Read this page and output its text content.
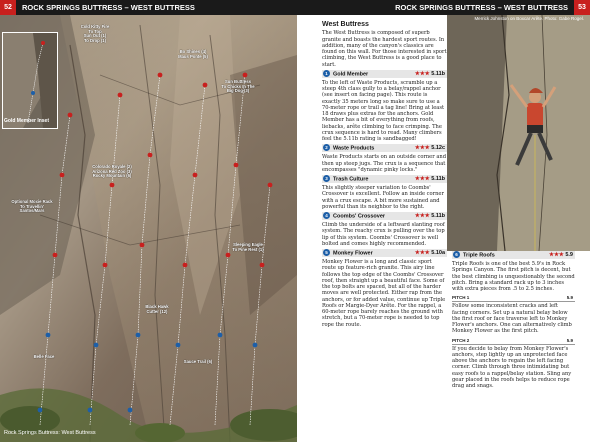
Gold Member Inset
Cold Kitty Fire
To Top
Sun Out (1)
To Drop (1)
Sun Buttress
To Chicks In The
Big Dog (3)
Bo Shines (4)
Maus Ponte (5)
Colorado Royale (2)
Arizona Red Zoo (3)
Rocky Mountain (6)
Optional Moxie Rack
To Travellin'
Santos/Mars
Sleeping Eagle
To Pine Rest (1)
Black Hawk
Cutter (12)
Sauce Trail (6)
Belle Face
Rock Springs Buttress: West Buttress
52	ROCK SPRINGS BUTTRESS – WEST BUTTRESS	ROCK SPRINGS BUTTRESS – WEST BUTTRESS	53
Merrick Johnston on Boxcar Arête. Photo: Gabe Rogel.
West Buttress

The West Buttress is composed of superb granite and boasts the hardest sport routes. In addition, many of the canyon's classics are found on this wall. For those interested in sport climbing, the West Buttress is a good place to start.

1 Gold Member	★★★ 5.11b

To the left of Waste Products, scramble up a steep 4th class gully to a belay/rappel anchor (see insert on facing page). This route is exactly 35 meters long so make sure to use a 70-meter rope or trail a tag line! Bring at least 18 draws plus extras for the anchors. Gold Member has a bit of everything from roofs, liebacks, arête climbing to face crimping. The crux sequence is hard to read. Many climbers feel the 5.11b rating is sandbagged!

2 Waste Products	★★★ 5.12c

Waste Products starts on an outside corner and then up steep jugs. The crux is a sequence that encompasses "dynamic pinky locks."

3 Trash Culture	★★★ 5.11b

This slightly steeper variation to Coombs' Crossover is excellent. Follow an inside corner with a crux escape. A bit more sustained and powerful than its neighbor to the right.

4 Coombs' Crossover	★★★ 5.11b

Climb the underside of a leftward slanting roof system. The reachy crux is pulling over the top lip of this system. Coombs' Crossover is well bolted and comes highly recommended.

5 Monkey Flower	★★★ 5.10a

Monkey Flower is a long and classic sport route up feature-rich granite. This airy line follows the top edge of the Coombs' Crossover roof, then straight up a beautiful face. Some of the top bolts are spaced, but all of the harder moves are well protected. Either rap from the anchors, or for added value, continue up Triple Roofs or Margie-Dyer Arête. For the rappel, a 60-meter rope barely reaches the ground with stretch, but a 70-meter rope is needed to top rope the route.

6 Triple Roofs	★★★ 5.9

Triple Roofs is one of the best 5.9's in Rock Springs Canyon. The first pitch is decent, but the best climbing is unquestionably the second pitch. Bring a standard rack up to 3 inches with extra pieces from .5 to 2.5 inches.

PITCH 1	5.9

Follow some inconsistent cracks and left facing corners. Set up a natural belay below the first roof or face traverse left to Monkey Flower's anchors. One can alternatively climb Monkey Flower as the first pitch.

PITCH 2	5.9

If you decide to belay from Monkey Flower's anchors, step lightly up an unprotected face above the anchors to regain the left facing corner. Climb through three intimidating but easy roofs to a rappel/belay station. Sling any gear placed in the roofs helps to reduce rope drag and snags.
